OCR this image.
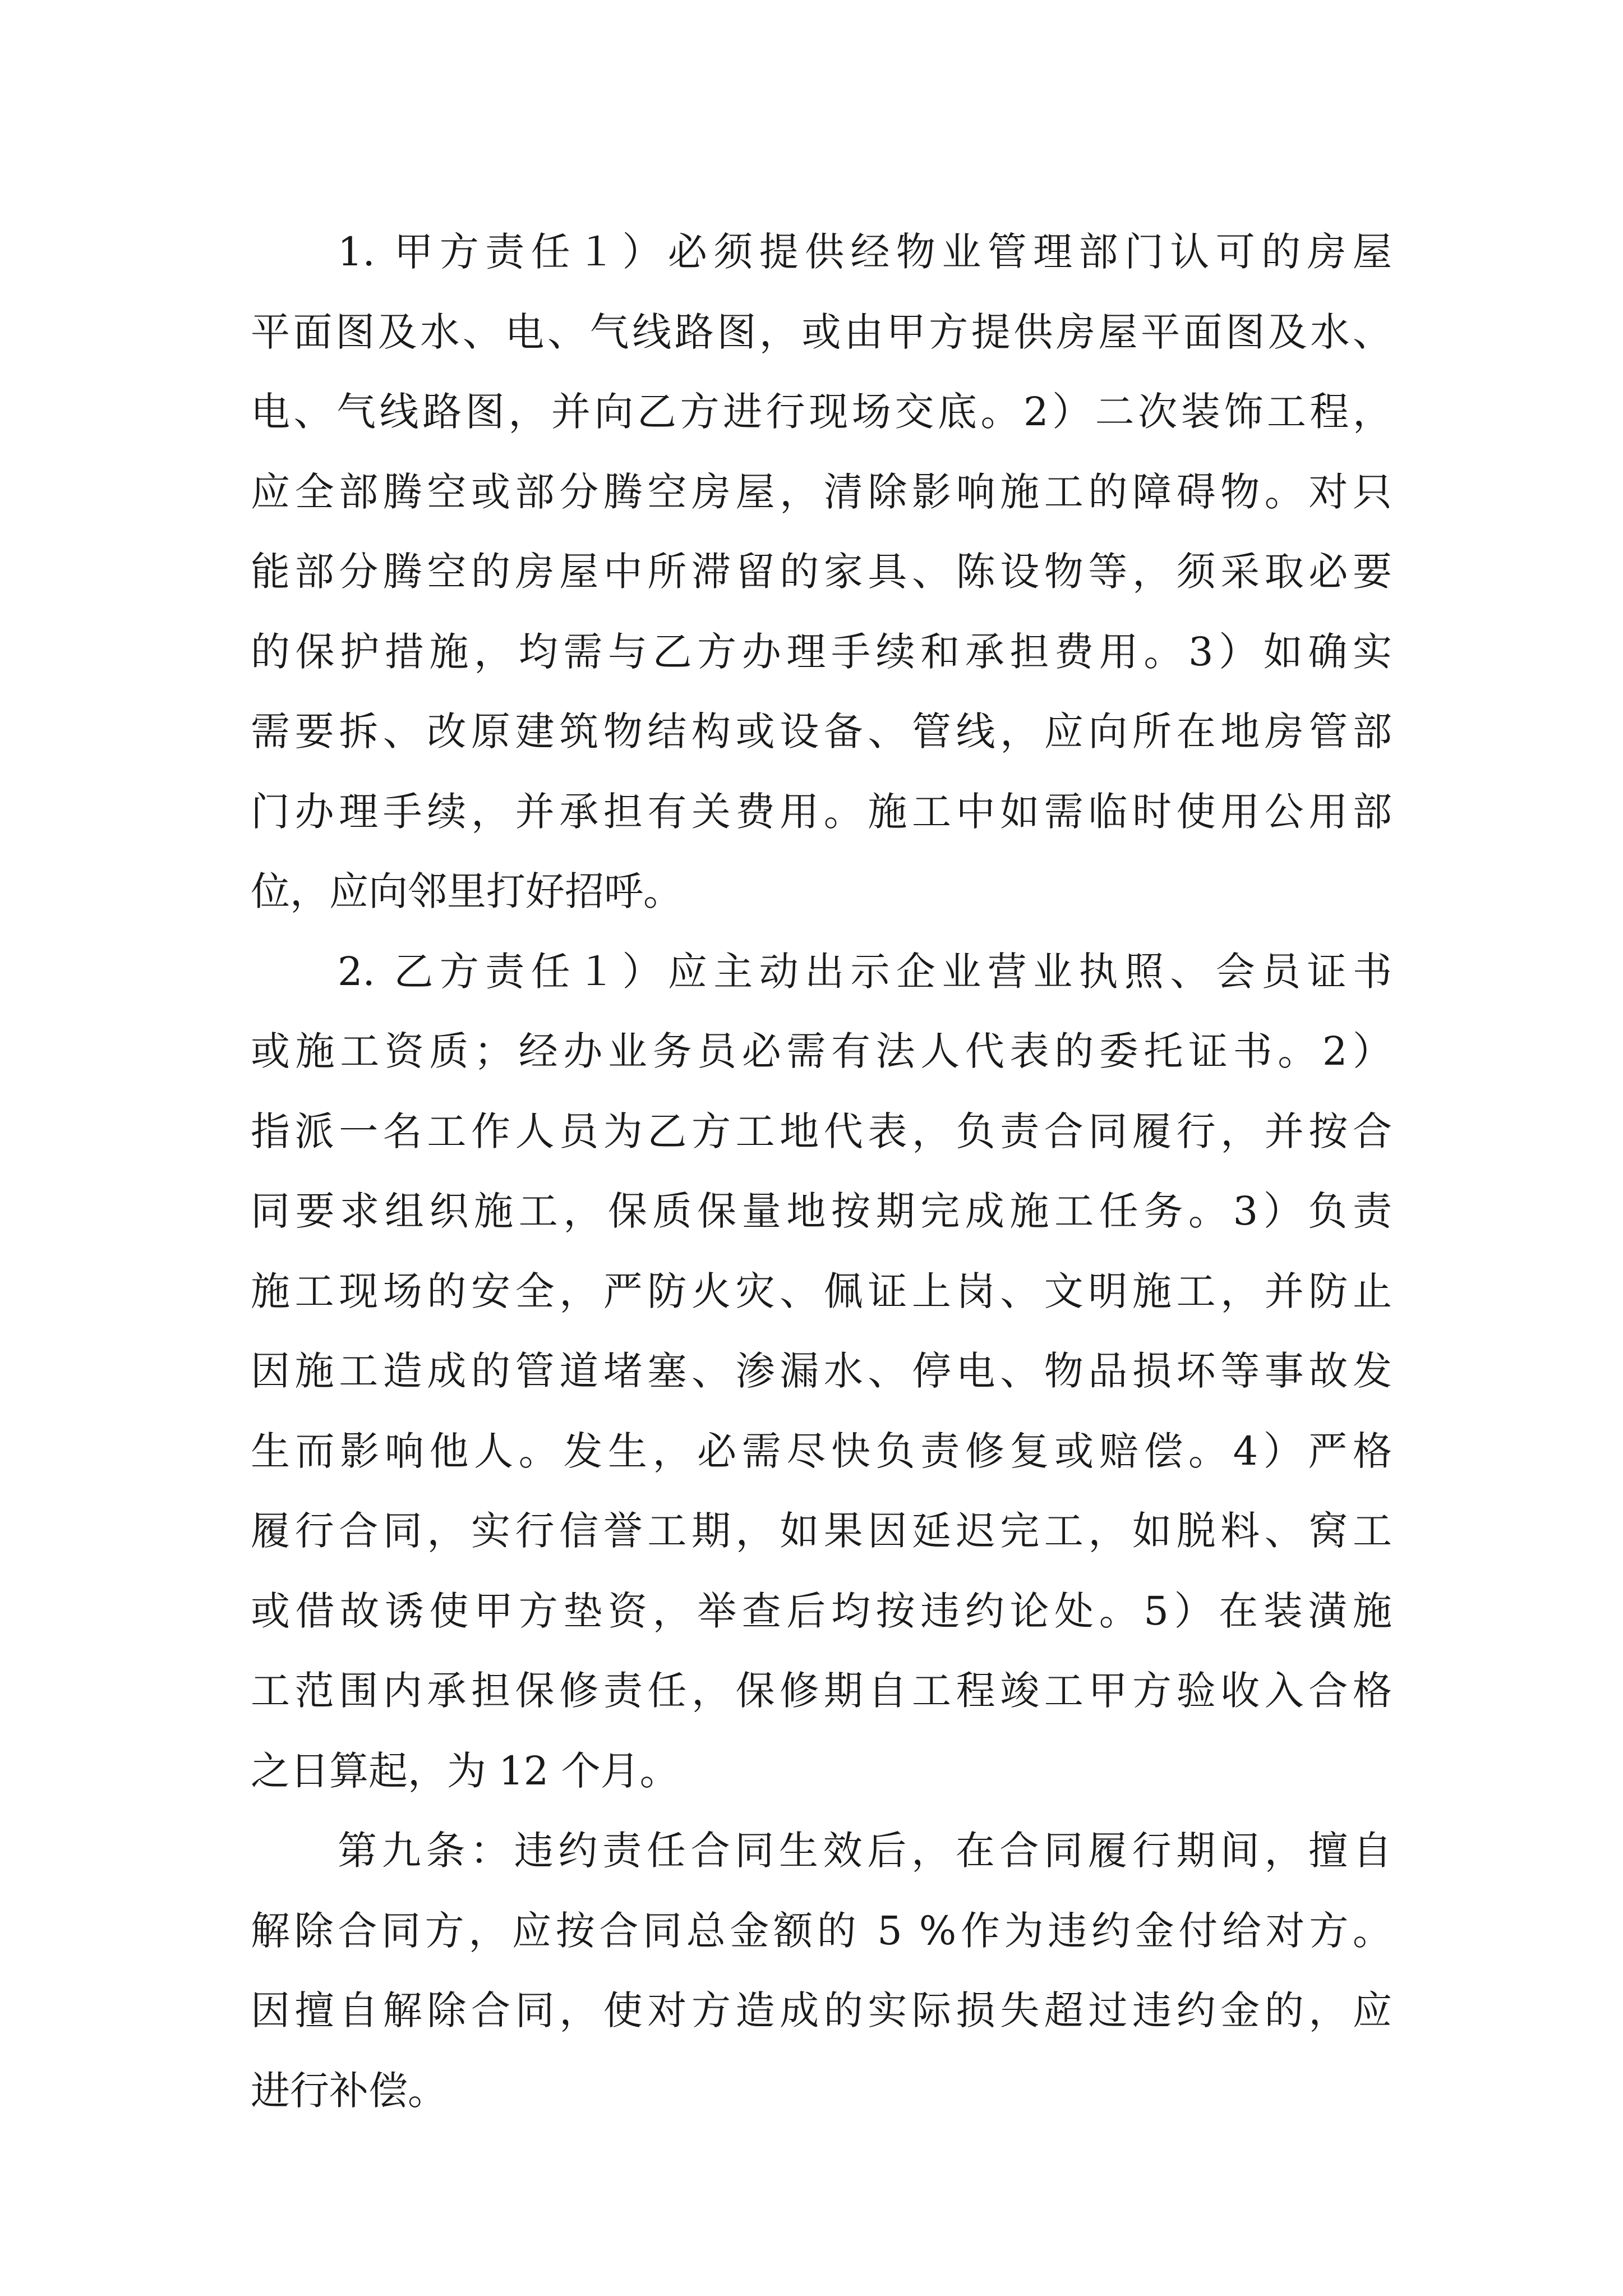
1. 甲方责任１）必须提供经物业管理部门认可的房屋
平面图及水、电、气线路图，或由甲方提供房屋平面图及水、
电、气线路图，并向乙方进行现场交底。2）二次装饰工程，
应全部腾空或部分腾空房屋，清除影响施工的障碍物。对只
能部分腾空的房屋中所滞留的家具、陈设物等，须采取必要
的保护措施，均需与乙方办理手续和承担费用。3）如确实
需要拆、改原建筑物结构或设备、管线，应向所在地房管部
门办理手续，并承担有关费用。施工中如需临时使用公用部
位，应向邻里打好招呼。
2. 乙方责任１）应主动出示企业营业执照、会员证书
或施工资质；经办业务员必需有法人代表的委托证书。2）
指派一名工作人员为乙方工地代表，负责合同履行，并按合
同要求组织施工，保质保量地按期完成施工任务。3）负责
施工现场的安全，严防火灾、佩证上岗、文明施工，并防止
因施工造成的管道堵塞、渗漏水、停电、物品损坏等事故发
生而影响他人。发生，必需尽快负责修复或赔偿。4）严格
履行合同，实行信誉工期，如果因延迟完工，如脱料、窝工
或借故诱使甲方垫资，举查后均按违约论处。5）在装潢施
工范围内承担保修责任，保修期自工程竣工甲方验收入合格
之日算起，为 12 个月。
第九条：违约责任合同生效后，在合同履行期间，擅自
解除合同方，应按合同总金额的 5 %作为违约金付给对方。
因擅自解除合同，使对方造成的实际损失超过违约金的，应
进行补偿。
